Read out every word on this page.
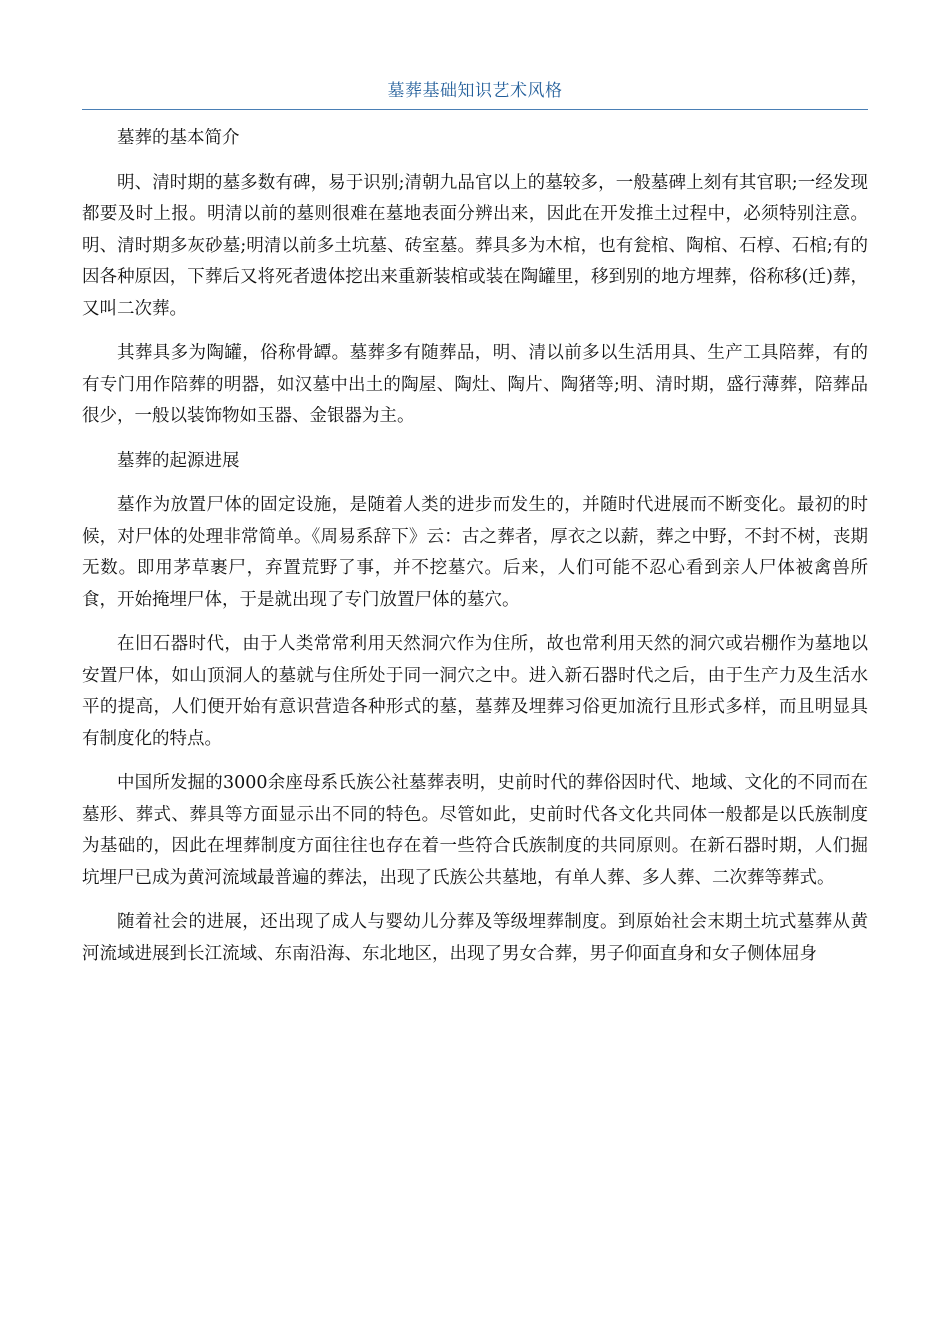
墓葬基础知识艺术风格

墓葬的基本简介

明、清时期的墓多数有碑，易于识别;清朝九品官以上的墓较多，一般墓碑上刻有其官职;一经发现都要及时上报。明清以前的墓则很难在墓地表面分辨出来，因此在开发推土过程中，必须特别注意。明、清时期多灰砂墓;明清以前多土坑墓、砖室墓。葬具多为木棺，也有瓮棺、陶棺、石椁、石棺;有的因各种原因，下葬后又将死者遗体挖出来重新装棺或装在陶罐里，移到别的地方埋葬，俗称移(迁)葬，又叫二次葬。

其葬具多为陶罐，俗称骨罈。墓葬多有随葬品，明、清以前多以生活用具、生产工具陪葬，有的有专门用作陪葬的明器，如汉墓中出土的陶屋、陶灶、陶片、陶猪等;明、清时期，盛行薄葬，陪葬品很少，一般以装饰物如玉器、金银器为主。

墓葬的起源进展

墓作为放置尸体的固定设施，是随着人类的进步而发生的，并随时代进展而不断变化。最初的时候，对尸体的处理非常简单。《周易系辞下》云：古之葬者，厚衣之以薪，葬之中野，不封不树，丧期无数。即用茅草裹尸，弃置荒野了事，并不挖墓穴。后来，人们可能不忍心看到亲人尸体被禽兽所食，开始掩埋尸体，于是就出现了专门放置尸体的墓穴。

在旧石器时代，由于人类常常利用天然洞穴作为住所，故也常利用天然的洞穴或岩棚作为墓地以安置尸体，如山顶洞人的墓就与住所处于同一洞穴之中。进入新石器时代之后，由于生产力及生活水平的提高，人们便开始有意识营造各种形式的墓，墓葬及埋葬习俗更加流行且形式多样，而且明显具有制度化的特点。

中国所发掘的3000余座母系氏族公社墓葬表明，史前时代的葬俗因时代、地域、文化的不同而在墓形、葬式、葬具等方面显示出不同的特色。尽管如此，史前时代各文化共同体一般都是以氏族制度为基础的，因此在埋葬制度方面往往也存在着一些符合氏族制度的共同原则。在新石器时期，人们掘坑埋尸已成为黄河流域最普遍的葬法，出现了氏族公共墓地，有单人葬、多人葬、二次葬等葬式。

随着社会的进展，还出现了成人与婴幼儿分葬及等级埋葬制度。到原始社会末期土坑式墓葬从黄河流域进展到长江流域、东南沿海、东北地区，出现了男女合葬，男子仰面直身和女子侧体屈身
